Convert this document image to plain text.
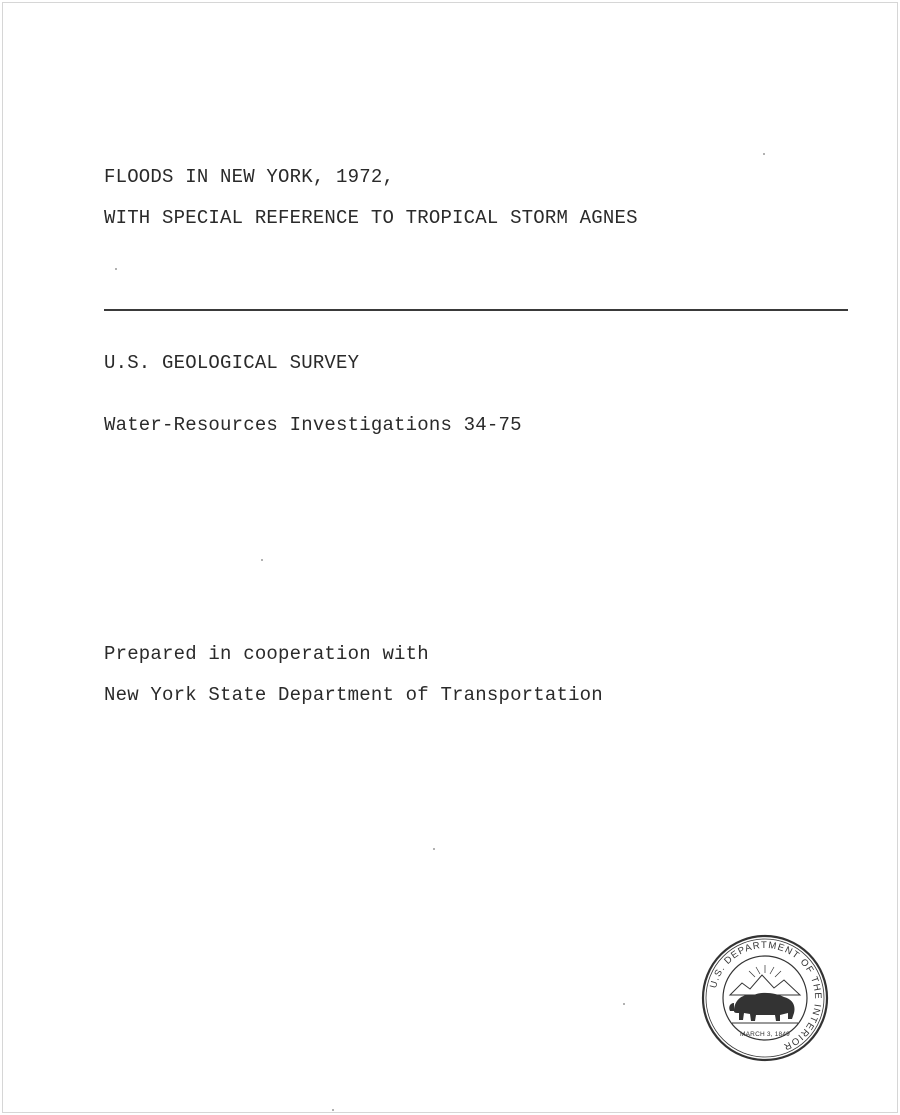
FLOODS IN NEW YORK, 1972,
WITH SPECIAL REFERENCE TO TROPICAL STORM AGNES
U.S. GEOLOGICAL SURVEY
Water-Resources Investigations 34-75
Prepared in cooperation with
New York State Department of Transportation
U.S. DEPARTMENT OF THE INTERIOR
MARCH 3, 1849
